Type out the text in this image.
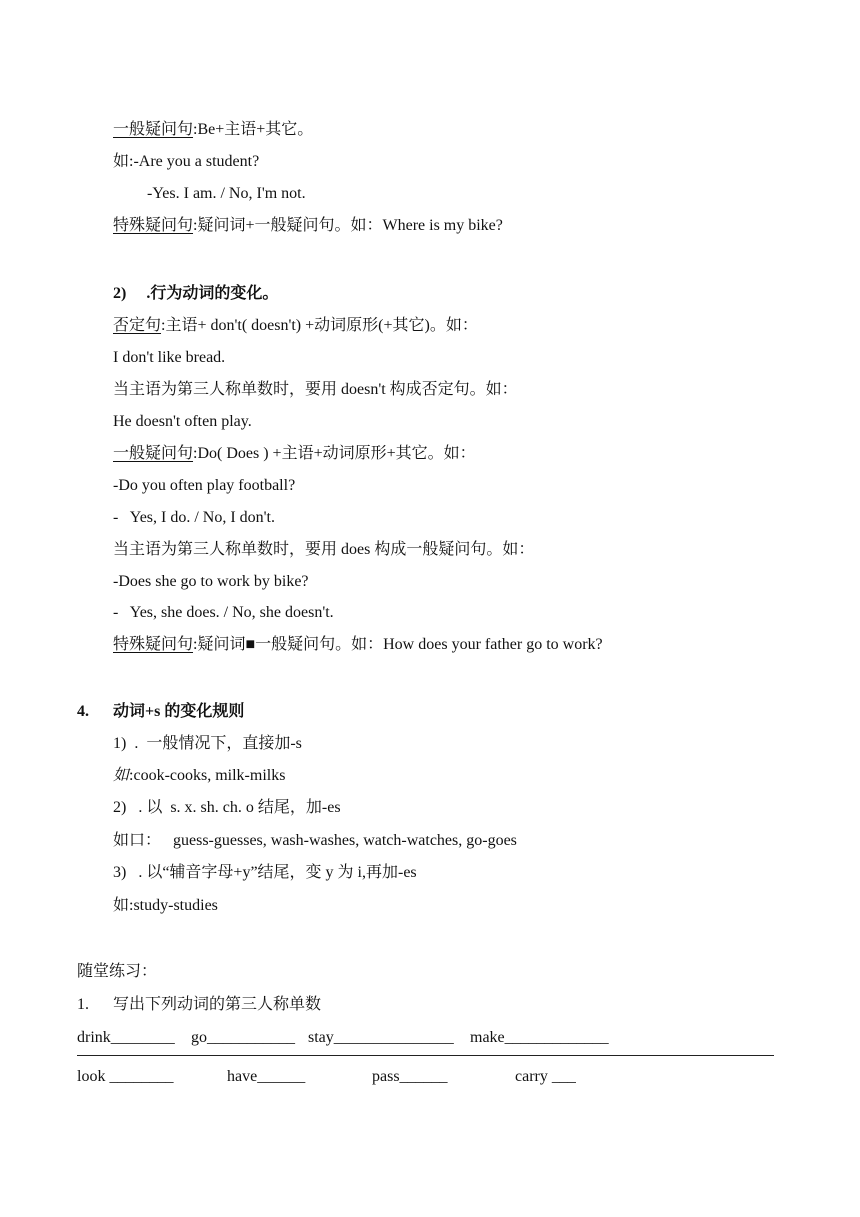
一般疑问句:Be+主语+其它。
如:-Are you a student?
-Yes. I am. / No, I'm not.
特殊疑问句:疑问词+一般疑问句。如：Where is my bike?
2)     .行为动词的变化。
否定句:主语+ don't( doesn't) +动词原形(+其它)。如：
I don't like bread.
当主语为第三人称单数时，要用 doesn't 构成否定句。如：
He doesn't often play.
一般疑问句:Do( Does ) +主语+动词原形+其它。如：
-Do you often play football?
-   Yes, I do. / No, I don't.
当主语为第三人称单数时，要用 does 构成一般疑问句。如：
-Does she go to work by bike?
-   Yes, she does. / No, she doesn't.
特殊疑问句:疑问词■一般疑问句。如：How does your father go to work?
4. 动词+s 的变化规则
1)  .  一般情况下，直接加-s
如:cook-cooks, milk-milks
2)   . 以  s. x. sh. ch. o 结尾，加-es
如口：   guess-guesses, wash-washes, watch-watches, go-goes
3)   . 以“辅音字母+y”结尾，变 y 为 i,再加-es
如:study-studies
随堂练习：
1. 写出下列动词的第三人称单数
drink________ go___________ stay_______________ make_____________
look ________	have______	pass______	carry ___
